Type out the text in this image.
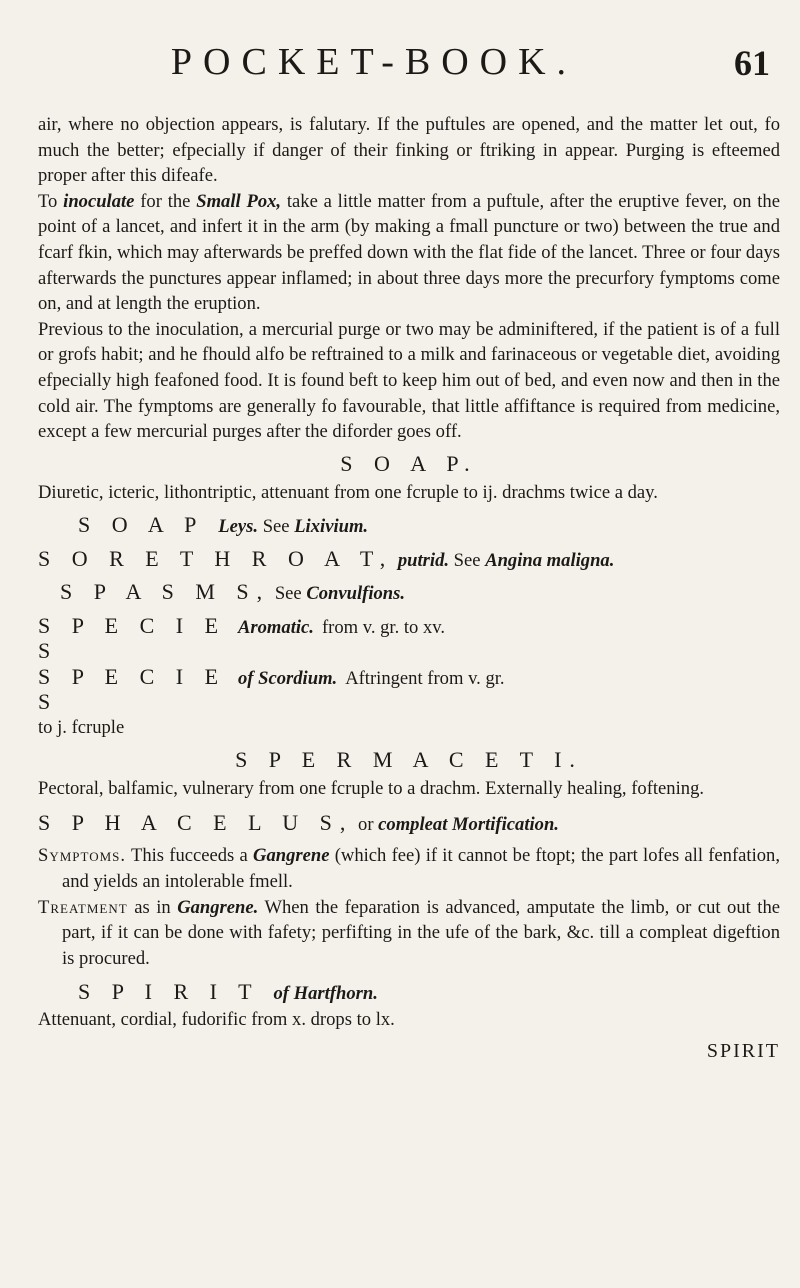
POCKET-BOOK.	61

air, where no objection appears, is falutary. If the puftules are opened, and the matter let out, fo much the better; efpecially if danger of their finking or ftriking in appear. Purging is efteemed proper after this difeafe.

To inoculate for the Small Pox, take a little matter from a puftule, after the eruptive fever, on the point of a lancet, and infert it in the arm (by making a fmall puncture or two) between the true and fcarf fkin, which may afterwards be preffed down with the flat fide of the lancet. Three or four days afterwards the punctures appear inflamed; in about three days more the precurfory fymptoms come on, and at length the eruption.

Previous to the inoculation, a mercurial purge or two may be adminiftered, if the patient is of a full or grofs habit; and he fhould alfo be reftrained to a milk and farinaceous or vegetable diet, avoiding efpecially high feafoned food. It is found beft to keep him out of bed, and even now and then in the cold air. The fymptoms are generally fo favourable, that little affiftance is required from medicine, except a few mercurial purges after the diforder goes off.

S O A P.

Diuretic, icteric, lithontriptic, attenuant from one fcruple to ij. drachms twice a day.

S O A P Leys. See Lixivium.

S O R E T H R O A T, putrid. See Angina maligna.

S P A S M S, See Convulfions.

S P E C I E S
Aromatic. from v. gr. to xv.
S P E C I E S
of Scordium. Aftringent from v. gr.

to j. fcruple

S P E R M A C E T I.

Pectoral, balfamic, vulnerary from one fcruple to a drachm. Externally healing, foftening.

S P H A C E L U S, or compleat Mortification.

Symptoms. This fucceeds a Gangrene (which fee) if it cannot be ftopt; the part lofes all fenfation, and yields an intolerable fmell.

Treatment as in Gangrene. When the feparation is advanced, amputate the limb, or cut out the part, if it can be done with fafety; perfifting in the ufe of the bark, &c. till a compleat digeftion is procured.

S P I R I T of Hartfhorn.

Attenuant, cordial, fudorific from x. drops to lx.

SPIRIT
